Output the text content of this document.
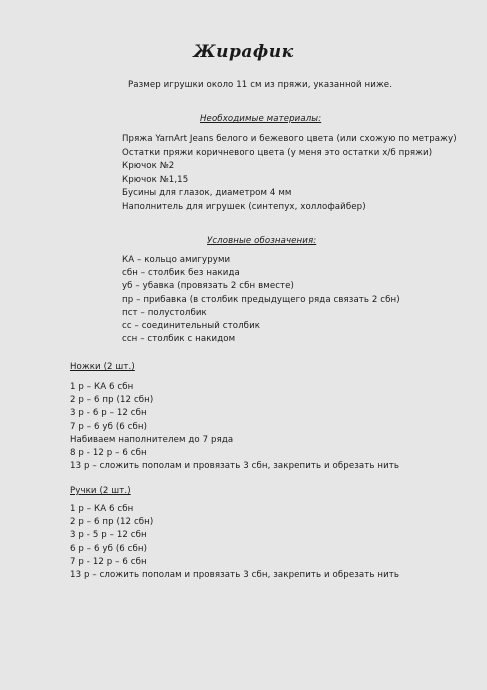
Жирафик
Размер игрушки около 11 см из пряжи, указанной ниже.
Необходимые материалы:
Пряжа YarnArt Jeans белого и бежевого цвета (или схожую по метражу)
Остатки пряжи коричневого цвета (у меня это остатки х/б пряжи)
Крючок №2
Крючок №1,15
Бусины для глазок, диаметром 4 мм
Наполнитель для игрушек (синтепух, холлофайбер)
Условные обозначения:
КА – кольцо амигуруми
сбн – столбик без накида
уб – убавка (провязать 2 сбн вместе)
пр – прибавка (в столбик предыдущего ряда связать 2 сбн)
пст – полустолбик
сс – соединительный столбик
ссн – столбик с накидом
Ножки (2 шт.)
1 р – КА 6 сбн
2 р – 6 пр (12 сбн)
3 р - 6 р – 12 сбн
7 р – 6 уб (6 сбн)
Набиваем наполнителем до 7 ряда
8 р - 12 р – 6 сбн
13 р – сложить пополам и провязать 3 сбн, закрепить и обрезать нить
Ручки (2 шт.)
1 р – КА 6 сбн
2 р – 6 пр (12 сбн)
3 р - 5 р – 12 сбн
6 р – 6 уб (6 сбн)
7 р - 12 р – 6 сбн
13 р – сложить пополам и провязать 3 сбн, закрепить и обрезать нить
